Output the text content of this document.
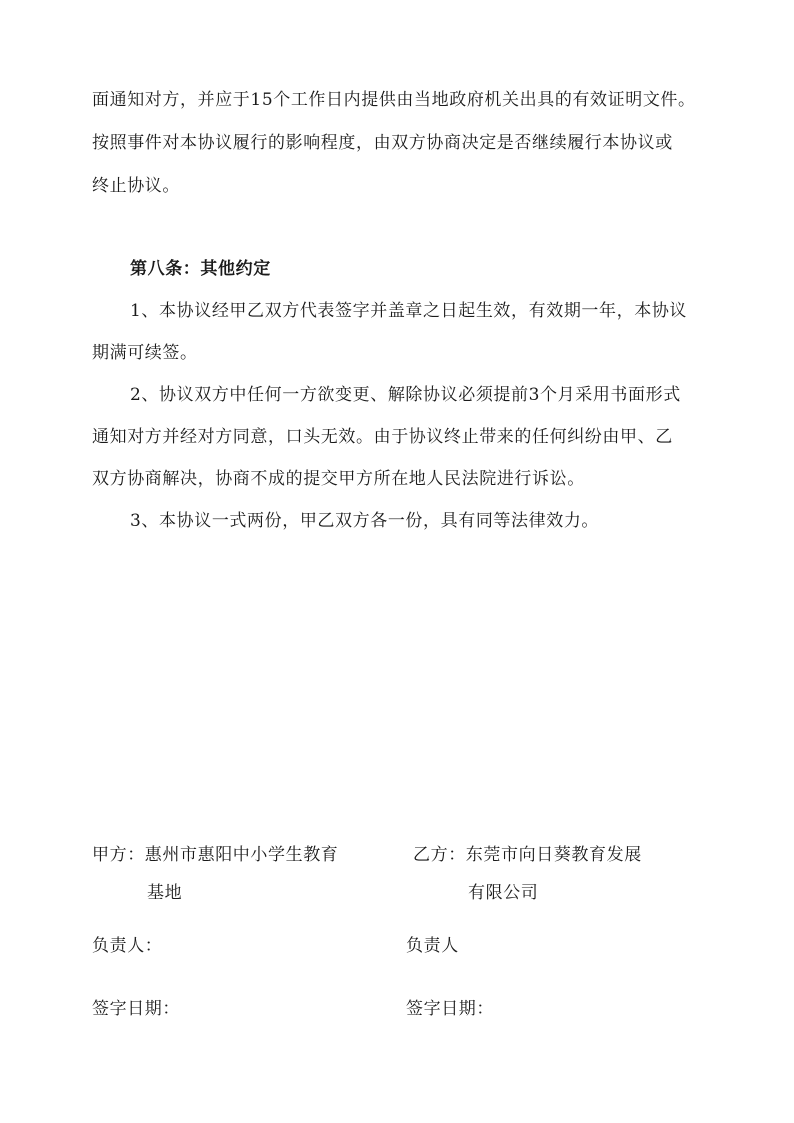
面通知对方，并应于15个工作日内提供由当地政府机关出具的有效证明文件。
按照事件对本协议履行的影响程度，由双方协商决定是否继续履行本协议或
终止协议。
第八条：其他约定
1、本协议经甲乙双方代表签字并盖章之日起生效，有效期一年，本协议
期满可续签。
2、协议双方中任何一方欲变更、解除协议必须提前3个月采用书面形式
通知对方并经对方同意，口头无效。由于协议终止带来的任何纠纷由甲、乙
双方协商解决，协商不成的提交甲方所在地人民法院进行诉讼。
3、本协议一式两份，甲乙双方各一份，具有同等法律效力。
甲方：惠州市惠阳中小学生教育
基地
负责人：
签字日期：
乙方：东莞市向日葵教育发展
有限公司
负责人
签字日期：
